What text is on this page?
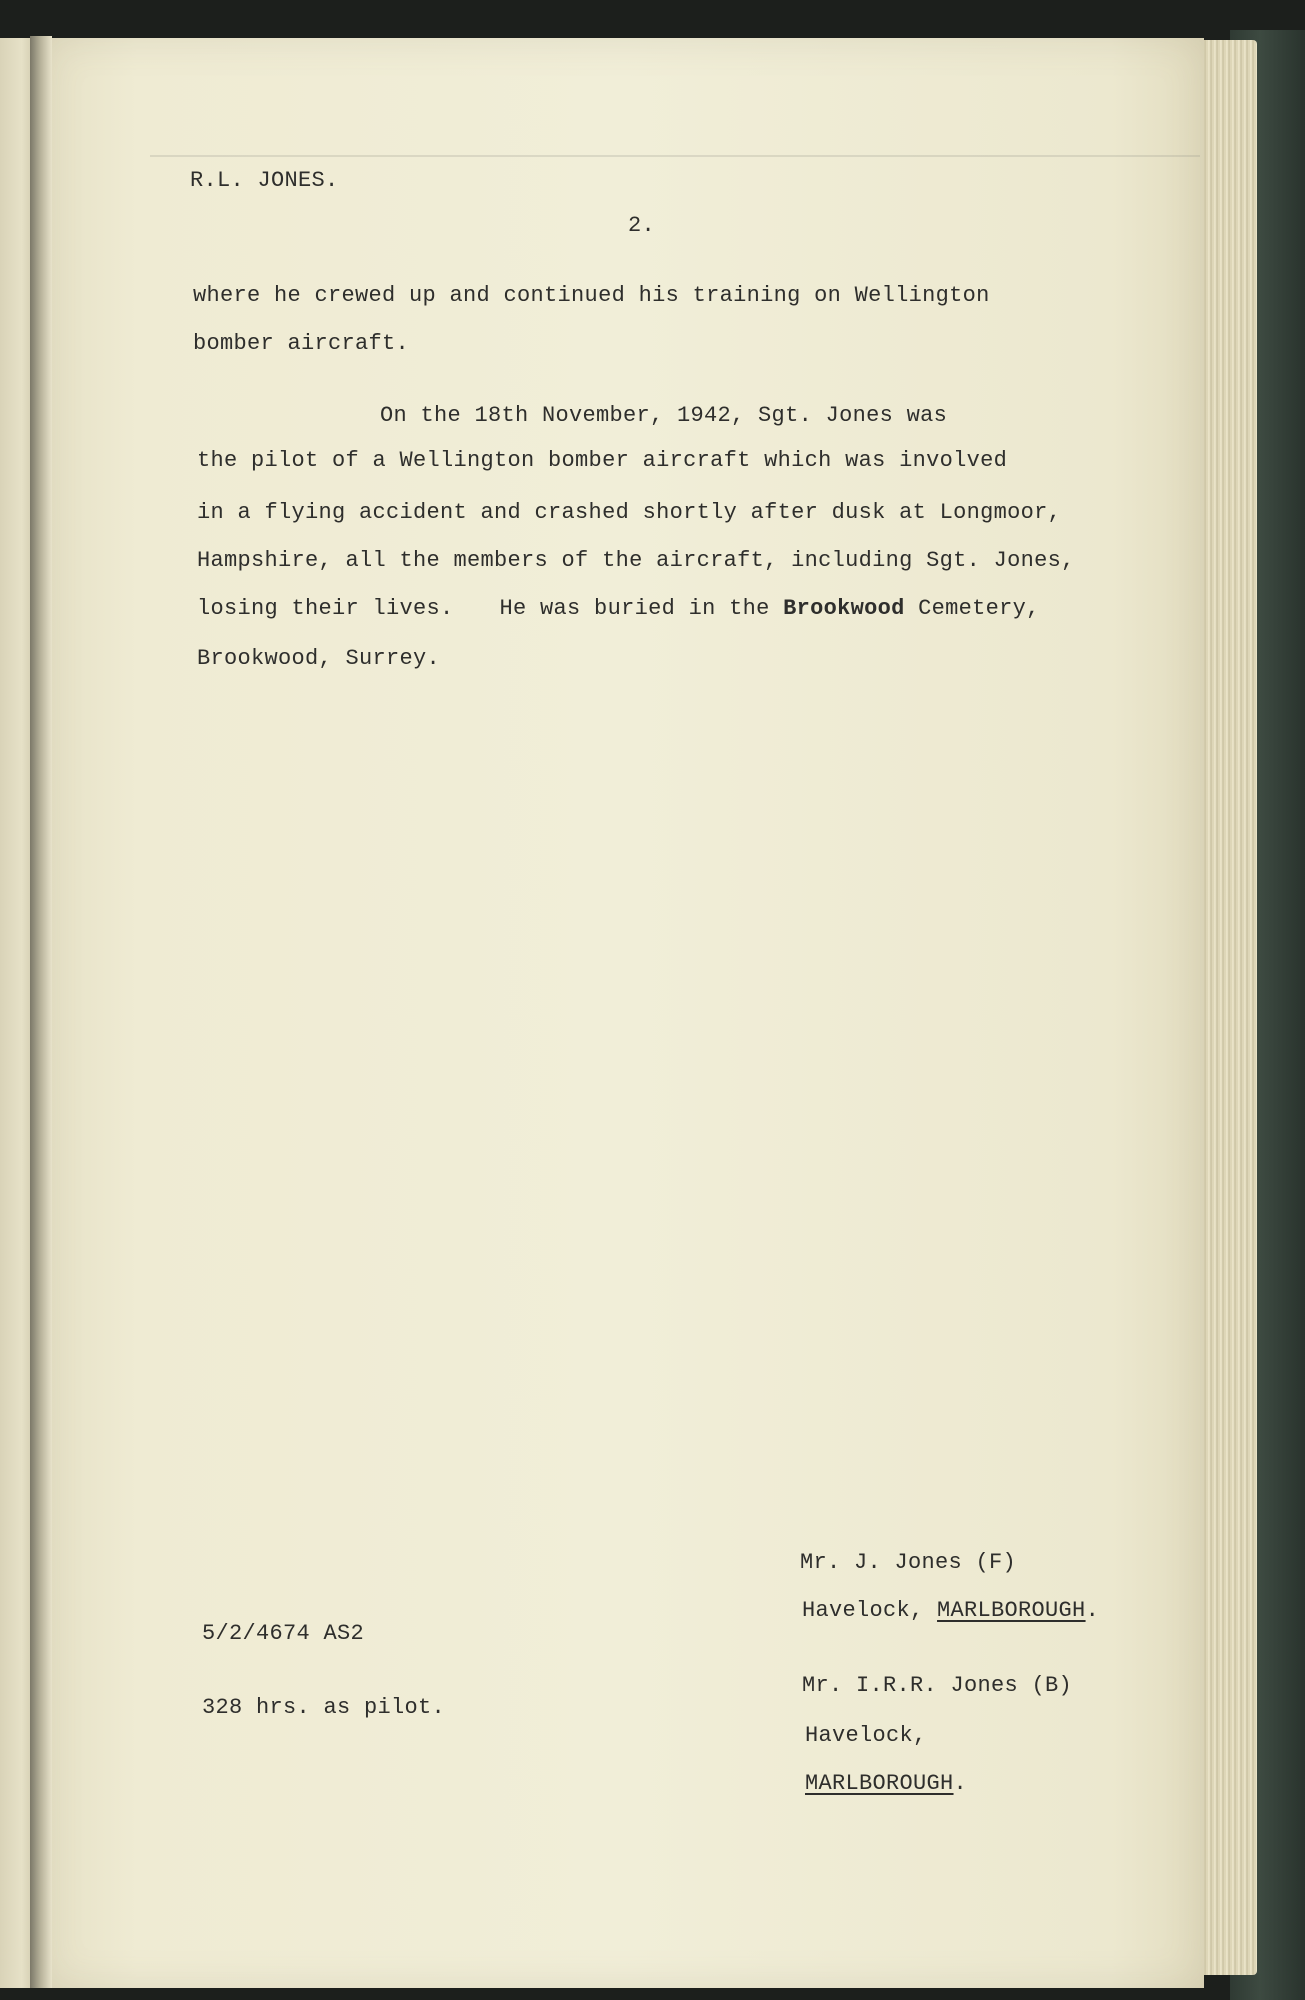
R.L. JONES.
2.
where he crewed up and continued his training on Wellington
bomber aircraft.
On the 18th November, 1942, Sgt. Jones was
the pilot of a Wellington bomber aircraft which was involved
in a flying accident and crashed shortly after dusk at Longmoor,
Hampshire, all the members of the aircraft, including Sgt. Jones,
losing their lives. He was buried in the Brookwood Cemetery,
Brookwood, Surrey.
Mr. J. Jones (F)
Havelock, MARLBOROUGH.
5/2/4674 AS2
Mr. I.R.R. Jones (B)
328 hrs. as pilot.
Havelock,
MARLBOROUGH.
